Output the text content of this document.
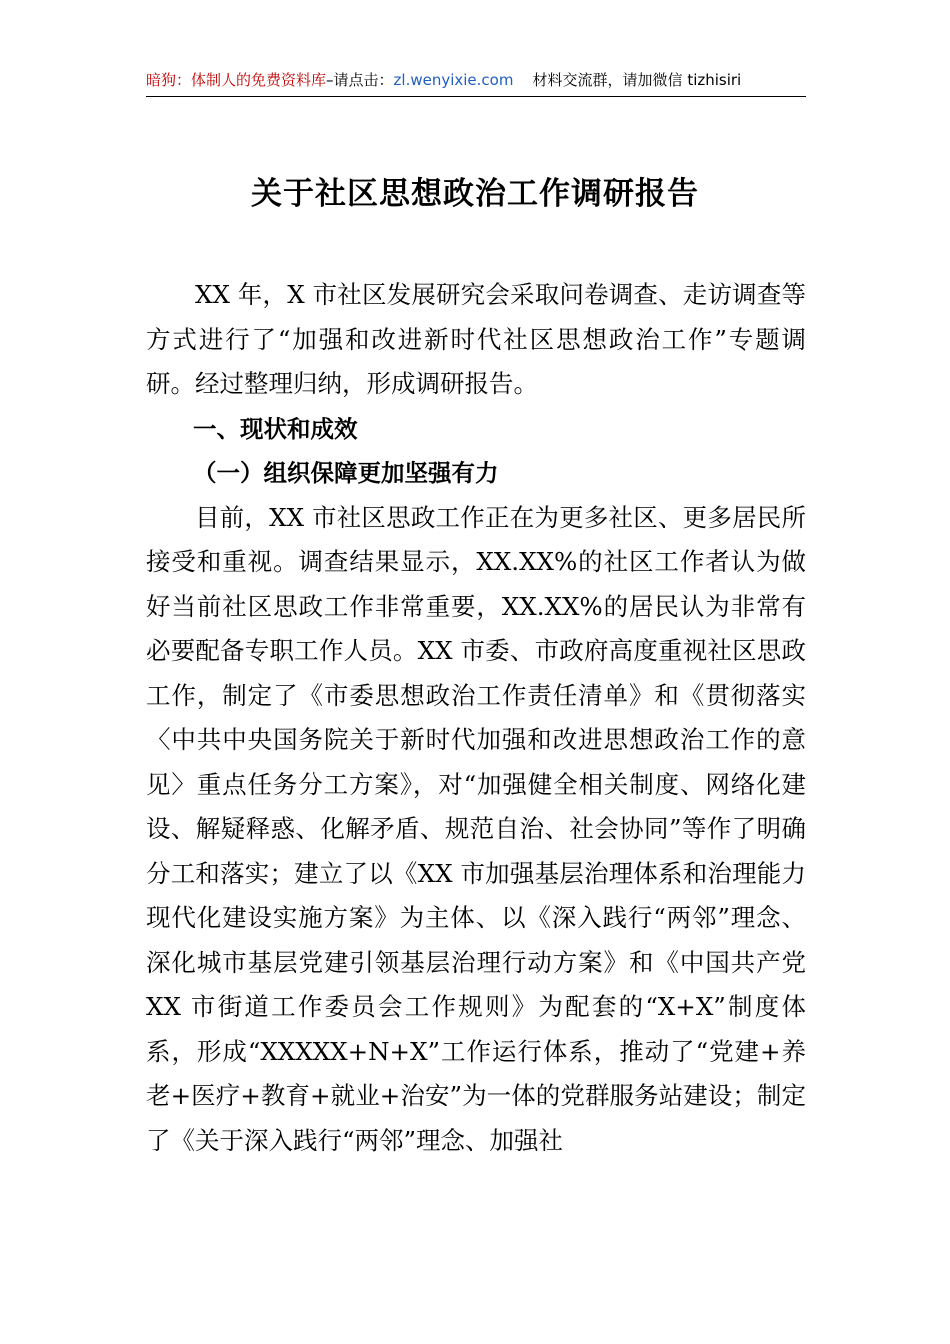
暗狗：体制人的免费资料库–请点击：zl.wenyixie.com 材料交流群，请加微信 tizhisiri
关于社区思想政治工作调研报告

XX 年，X 市社区发展研究会采取问卷调查、走访调查等方式进行了“加强和改进新时代社区思想政治工作”专题调研。经过整理归纳，形成调研报告。

一、现状和成效

（一）组织保障更加坚强有力

目前，XX 市社区思政工作正在为更多社区、更多居民所接受和重视。调查结果显示，XX.XX%的社区工作者认为做好当前社区思政工作非常重要，XX.XX%的居民认为非常有必要配备专职工作人员。XX 市委、市政府高度重视社区思政工作，制定了《市委思想政治工作责任清单》和《贯彻落实〈中共中央国务院关于新时代加强和改进思想政治工作的意见〉重点任务分工方案》，对“加强健全相关制度、网络化建设、解疑释惑、化解矛盾、规范自治、社会协同”等作了明确分工和落实；建立了以《XX 市加强基层治理体系和治理能力现代化建设实施方案》为主体、以《深入践行“两邻”理念、深化城市基层党建引领基层治理行动方案》和《中国共产党 XX 市街道工作委员会工作规则》为配套的“X+X”制度体系，形成“XXXXX+N+X”工作运行体系，推动了“党建+养老+医疗+教育+就业+治安”为一体的党群服务站建设；制定了《关于深入践行“两邻”理念、加强社
